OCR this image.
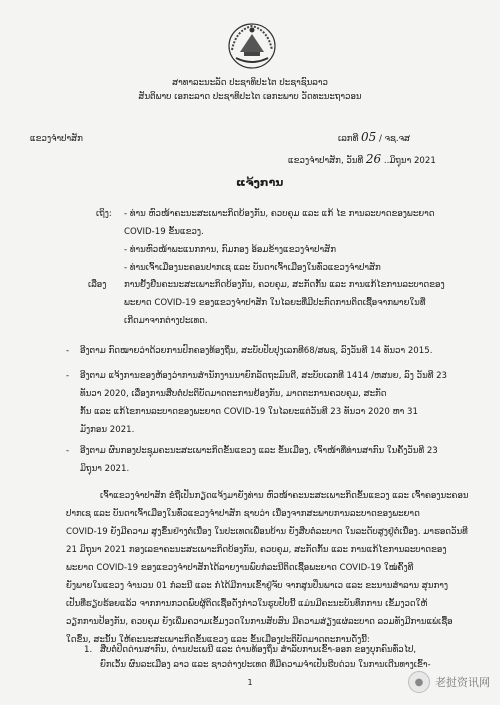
ສາທາລະນະລັດ ປະຊາທິປະໄຕ ປະຊາຊົນລາວ
ສັນຕິພາບ ເອກະລາດ ປະຊາທິປະໄຕ ເອກະພາບ ວັດທະນະຖາວອນ
ແຂວງຈຳປາສັກ	ເລກທີ 05 / ຈຊ.ຈສ
ແຂວງຈຳປາສັກ, ວັນທີ 26 ..ມິຖຸນາ 2021
ແຈ້ງການ
ເຖິງ: - ທ່ານ ຫົວໜ້າຄະນະສະເພາະກິດບ້ອງກັນ, ຄວບຄຸມ ແລະ ແກ້ ໄຂ ການລະບາດຂອງພະຍາດ
COVID-19 ຂັ້ນແຂວງ.
- ທ່ານຫົວໜ້າພະແນກການ, ກົມກອງ ອ້ອມຂ້າງແຂວງຈຳປາສັກ
- ທ່ານເຈົ້າເມືອງນະຄອນປາກເຊ ແລະ ບັນດາເຈົ້າເມືອງໃນທົ່ວແຂວງຈຳປາສັກ
ເລື່ອງ ການຢັ້ງຢືນຄະນະສະເພາະກິດບ້ອງກັນ, ຄວບຄຸມ, ສະກັດກັ້ນ ແລະ ການແກ້ໄຂການລະບາດຂອງ
ພະຍາດ COVID-19 ຂອງແຂວງຈຳປາສັກ ໃນໄລຍະທີ່ມີປະກົດການຕິດເຊື້ອຈາກພາຍໃນທີ່
ເກີດມາຈາກຕ່າງປະເທດ.
- ອີງຕາມ ກົດໝາຍວ່າດ້ວຍການປົກຄອງທ້ອງຖິ່ນ, ສະບັບປັບປຸງເລກທີ68/ສພຊ, ລົງວັນທີ 14 ທັນວາ 2015.
- ອີງຕາມ ແຈ້ງການຂອງຫ້ອງວ່າການສຳນັກງານນາຍົກລັດຖະມົນຕີ, ສະບັບເລກທີ 1414 /ຫສນຍ, ລົງ ວັນທີ 23
ທັນວາ 2020, ເລື່ອງການສືບຕໍ່ປະຕິບັດມາດຕະການຢ້ອງກັນ, ມາດຕະການຄວບຄຸມ, ສະກັດ
ກັ້ນ ແລະ ແກ້ໄຂການລະບາດຂອງພະຍາດ COVID-19 ໃນໄລຍະແຕ່ວັນທີ 23 ທັນວາ 2020 ຫາ 31
ມັງກອນ 2021.
- ອີງຕາມ ຜົນກອງປະຊຸມຄະນະສະເພາະກິດຂັ້ນແຂວງ ແລະ ຂັ້ນເມືອງ, ເຈົ້າໜ້າທີ່ທ່ານສາກົນ ໃນຄັ້ງວັນທີ 23
ມິຖຸນາ 2021.
ເຈົ້າແຂວງຈຳປາສັກ ຂໍຖືເປັນກຽດແຈ້ງມາຍັງທ່ານ ຫົວໜ້າຄະນະສະເພາະກິດຂັ້ນແຂວງ ແລະ ເຈົ້າຄອງນະຄອນ
ປາກເຊ ແລະ ບັນດາເຈົ້າເມືອງໃນທົ່ວແຂວງຈຳປາສັກ ຊາບວ່າ ເນື່ອງຈາກສະພາບການລະບາດຂອງພະຍາດ
COVID-19 ຍັງມີຄວາມ ສູງຂຶ້ນຢ່າງຕໍ່ເນື່ອງ ໃນປະເທດເພື່ອນບ້ານ ຍັງສືບຕໍ່ລະບາດ ໃນລະດັບສູງຢູ່ຕໍ່ເນື່ອງ. ມາຮອດວັນທີ
21 ມິຖຸນາ 2021 ກອງເລຂາຄະນະສະເພາະກິດບ້ອງກັນ, ຄວບຄຸມ, ສະກັດກັ້ນ ແລະ ການແກ້ໄຂການລະບາດຂອງ
ພະຍາດ COVID-19 ຂອງແຂວງຈຳປາສັກໄດ້ລາຍງານພົບກໍລະນີຕິດເຊື້ອພະຍາດ COVID-19 ໃໝ່ຄົ້ງທີ
ຍັງພາຍໃນແຂວງ ຈຳນວນ 01 ກໍລະນີ ແລະ ກໍ່ໄດ້ມີການເຂົ້າຢູ່ຈັບ ຈາກສູນປິ່ນພາເວ ແລະ ຂະນານສຳລານ ສຸນກາງ
ເປັນທີ່ຮຽບຮ້ອຍແລ້ວ ຈາກການກວດພົບຜູ້ຕິດເຊື້ອດັ່ງກ່າວໃນຮູບປັບນີ້ ແມ່ນມີຄະນະບັນທຶກການ ເຂັ້ມງວດໃຫ້
ວຽກການປ້ອງກັນ, ຄວບຄຸມ ຍັງເພີ່ມຄວາມເຂັ້ມງວດໃນການສັບສົນ ມີຄວາມສ່ຽງແຜ່ລະບາດ ລວມທັງມີການແພ່ເຊື້ອ
ໃດຂຶ້ນ, ສະນັ້ນ ໃຫ້ຄະນະສະເພາະກິດຂັ້ນແຂວງ ແລະ ຂັ້ນເມືອງປະຕິບັດມາດຕະການດັ່ງນີ້:
1. ສືບຕໍ່ປິດດ່ານສາກົນ, ດ່ານປະເພນີ ແລະ ດ່ານທ້ອງຖິ່ນ ສຳລັບການເຂົ້າ-ອອກ ຂອງບຸກຄົນທົ່ວໄປ,
ຍົກເວັ້ນ ຜົນລະເມືອງ ລາວ ແລະ ຊາວຕ່າງປະເທດ ທີ່ມີຄວາມຈຳເປັນຮີບດ່ວນ ໃນການເດີນທາງເຂົ້າ-
1	●	老挝资讯网
